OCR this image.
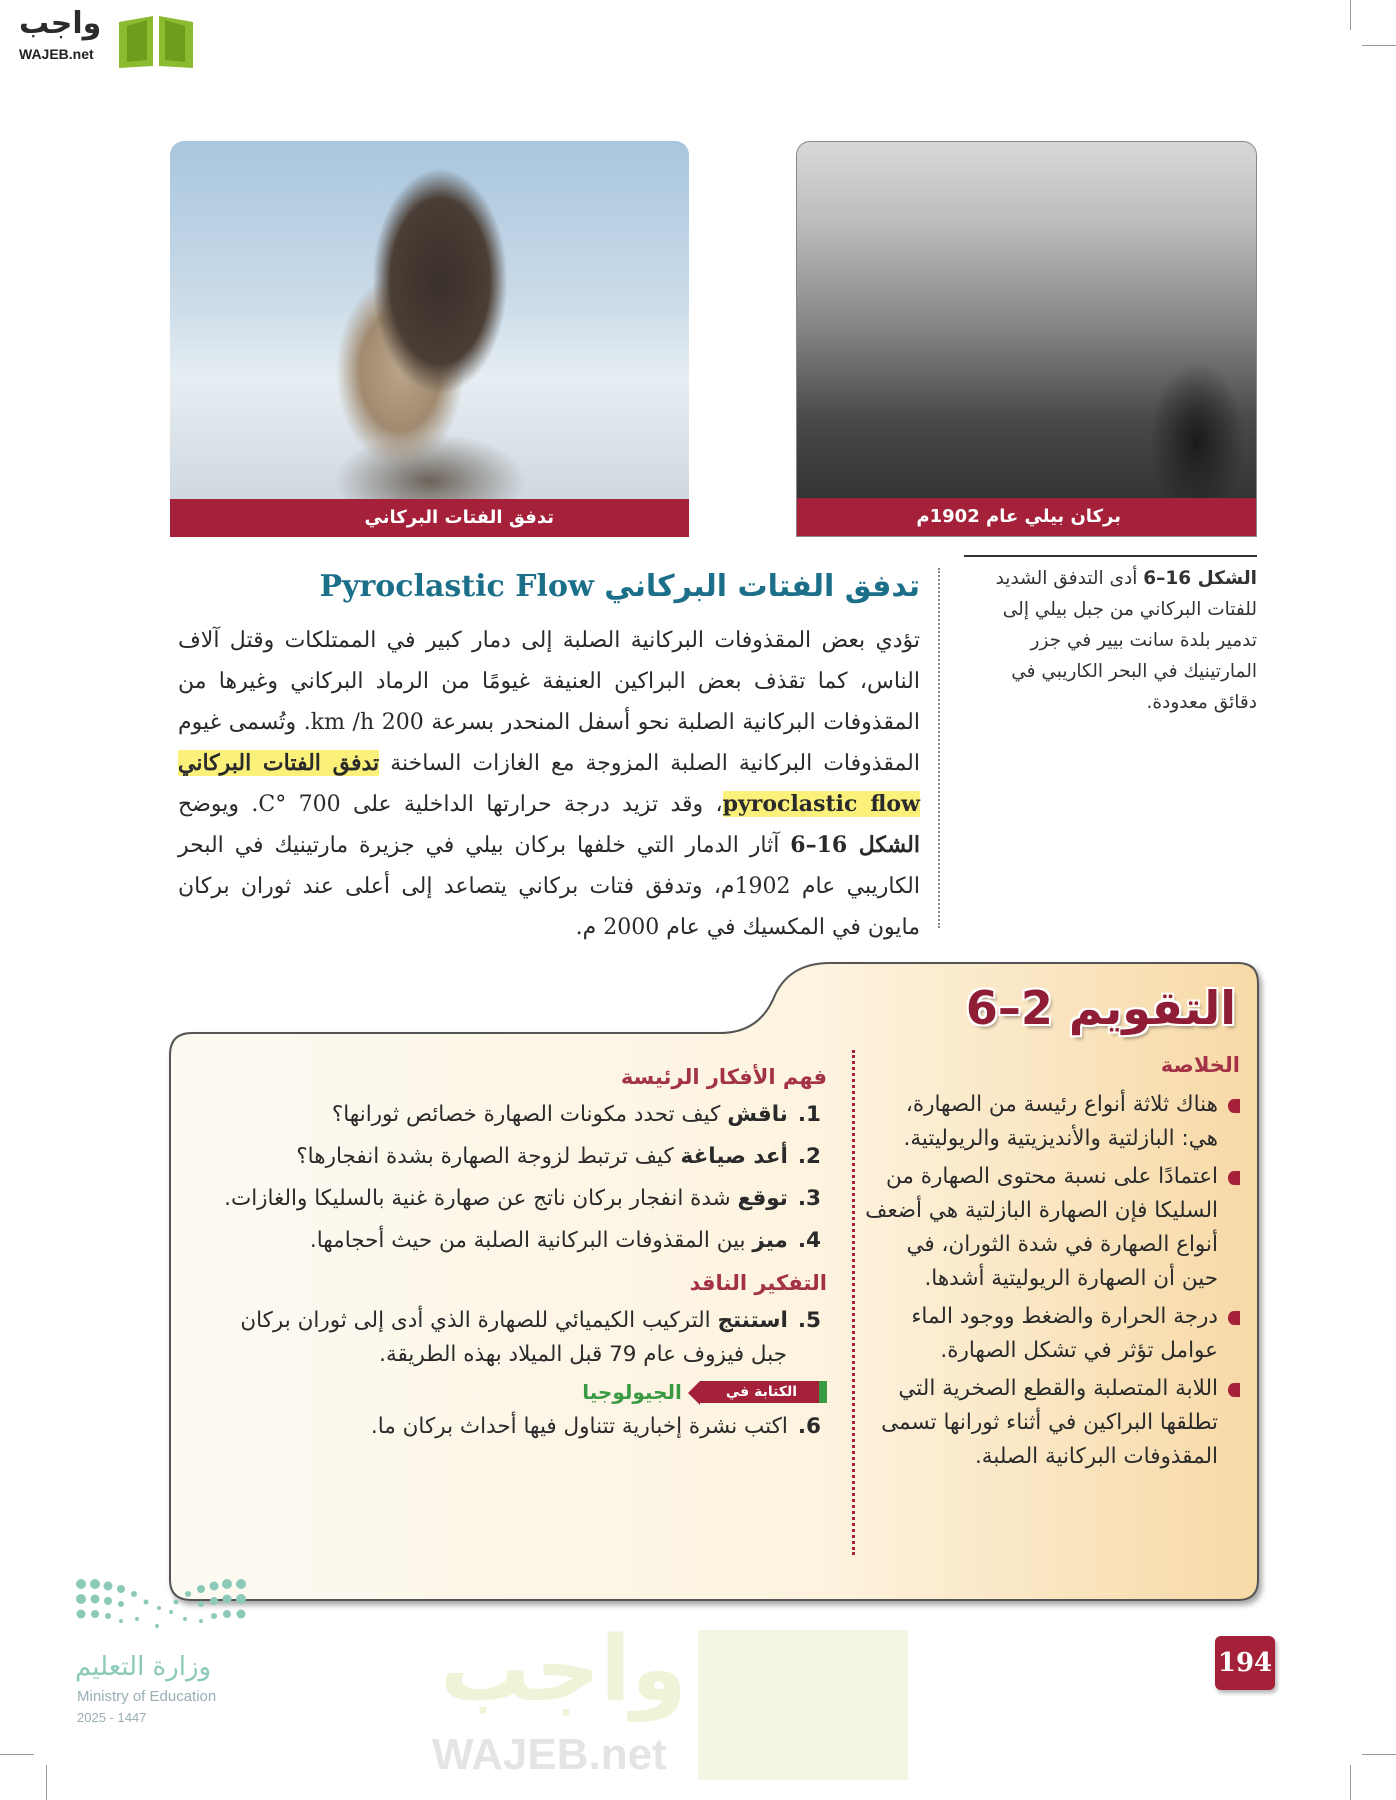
واجب
WAJEB.net
تدفق الفتات البركاني	بركان بيلي عام 1902م
الشكل 16–6 أدى التدفق الشديد للفتات البركاني من جبل بيلي إلى تدمير بلدة سانت بيير في جزر المارتينيك في البحر الكاريبي في دقائق معدودة.
واجب
WAJEB.net
تدفق الفتات البركاني Pyroclastic Flow
تؤدي بعض المقذوفات البركانية الصلبة إلى دمار كبير في الممتلكات وقتل آلاف الناس، كما تقذف بعض البراكين العنيفة غيومًا من الرماد البركاني وغيرها من المقذوفات البركانية الصلبة نحو أسفل المنحدر بسرعة 200 km /h. وتُسمى غيوم المقذوفات البركانية الصلبة المزوجة مع الغازات الساخنة تدفق الفتات البركاني pyroclastic flow، وقد تزيد درجة حرارتها الداخلية على 700 °C. ويوضح الشكل 16–6 آثار الدمار التي خلفها بركان بيلي في جزيرة مارتينيك في البحر الكاريبي عام 1902م، وتدفق فتات بركاني يتصاعد إلى أعلى عند ثوران بركان مايون في المكسيك في عام 2000 م.
التقويم 2–6
الخلاصة
هناك ثلاثة أنواع رئيسة من الصهارة، هي: البازلتية والأنديزيتية والريوليتية.
اعتمادًا على نسبة محتوى الصهارة من السليكا فإن الصهارة البازلتية هي أضعف أنواع الصهارة في شدة الثوران، في حين أن الصهارة الريوليتية أشدها.
درجة الحرارة والضغط ووجود الماء عوامل تؤثر في تشكل الصهارة.
اللابة المتصلبة والقطع الصخرية التي تطلقها البراكين في أثناء ثورانها تسمى المقذوفات البركانية الصلبة.
فهم الأفكار الرئيسة
1.ناقش كيف تحدد مكونات الصهارة خصائص ثورانها؟
2.أعد صياغة كيف ترتبط لزوجة الصهارة بشدة انفجارها؟
3.توقع شدة انفجار بركان ناتج عن صهارة غنية بالسليكا والغازات.
4.ميز بين المقذوفات البركانية الصلبة من حيث أحجامها.
التفكير الناقد
5.استنتج التركيب الكيميائي للصهارة الذي أدى إلى ثوران بركان
جبل فيزوف عام 79 قبل الميلاد بهذه الطريقة.
الكتابة في
الجيولوجيا
6.اكتب نشرة إخبارية تتناول فيها أحداث بركان ما.
194
وزارة التعليم
Ministry of Education
2025 - 1447
